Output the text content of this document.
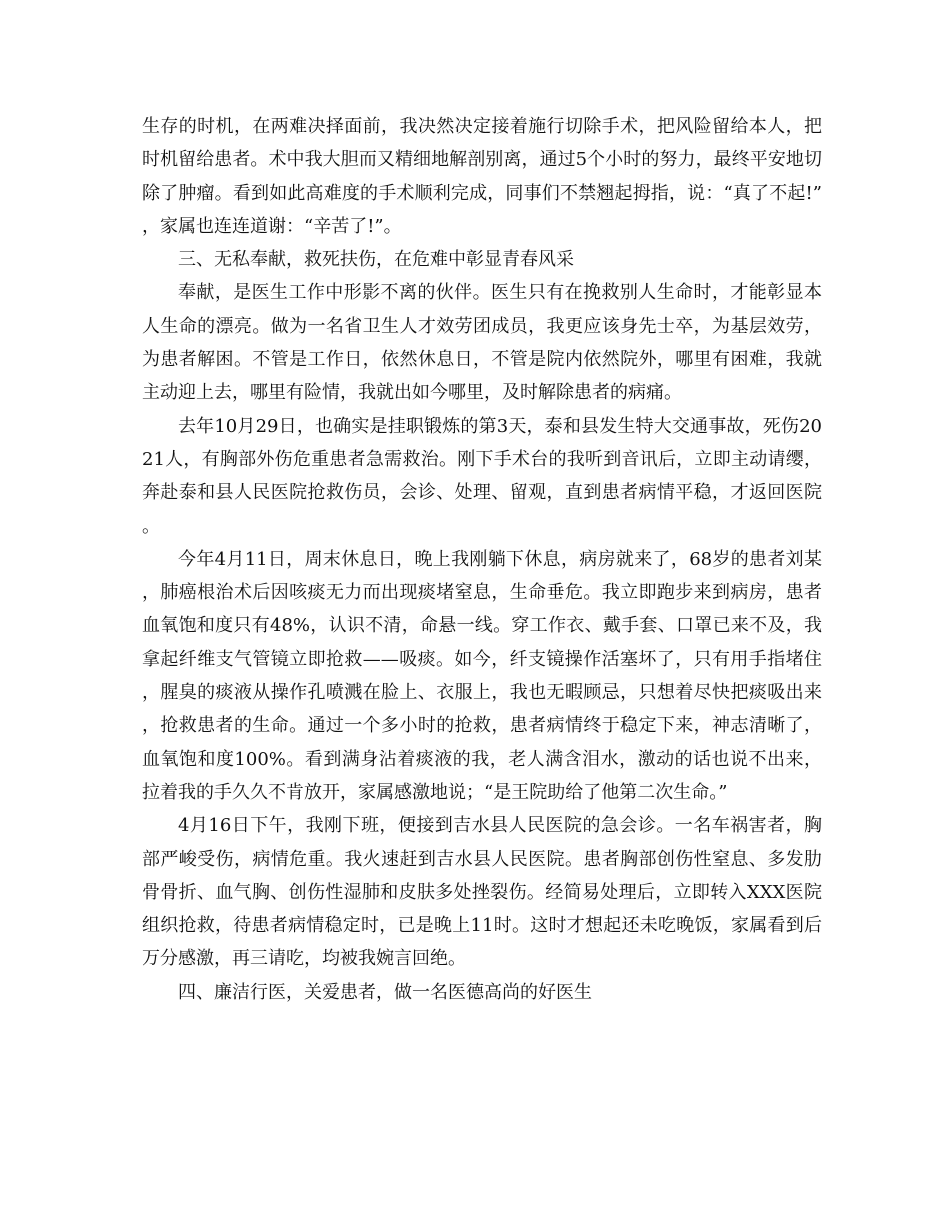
生存的时机，在两难决择面前，我决然决定接着施行切除手术，把风险留给本人，把时机留给患者。术中我大胆而又精细地解剖别离，通过5个小时的努力，最终平安地切除了肿瘤。看到如此高难度的手术顺利完成，同事们不禁翘起拇指，说：“真了不起!”，家属也连连道谢：“辛苦了!”。

三、无私奉献，救死扶伤，在危难中彰显青春风采

奉献，是医生工作中形影不离的伙伴。医生只有在挽救别人生命时，才能彰显本人生命的漂亮。做为一名省卫生人才效劳团成员，我更应该身先士卒，为基层效劳，为患者解困。不管是工作日，依然休息日，不管是院内依然院外，哪里有困难，我就主动迎上去，哪里有险情，我就出如今哪里，及时解除患者的病痛。

去年10月29日，也确实是挂职锻炼的第3天，泰和县发生特大交通事故，死伤2021人，有胸部外伤危重患者急需救治。刚下手术台的我听到音讯后，立即主动请缨，奔赴泰和县人民医院抢救伤员，会诊、处理、留观，直到患者病情平稳，才返回医院。

今年4月11日，周末休息日，晚上我刚躺下休息，病房就来了，68岁的患者刘某，肺癌根治术后因咳痰无力而出现痰堵窒息，生命垂危。我立即跑步来到病房，患者血氧饱和度只有48%，认识不清，命悬一线。穿工作衣、戴手套、口罩已来不及，我拿起纤维支气管镜立即抢救——吸痰。如今，纤支镜操作活塞坏了，只有用手指堵住，腥臭的痰液从操作孔喷溅在脸上、衣服上，我也无暇顾忌，只想着尽快把痰吸出来，抢救患者的生命。通过一个多小时的抢救，患者病情终于稳定下来，神志清晰了，血氧饱和度100%。看到满身沾着痰液的我，老人满含泪水，激动的话也说不出来，拉着我的手久久不肯放开，家属感激地说；“是王院助给了他第二次生命。”

4月16日下午，我刚下班，便接到吉水县人民医院的急会诊。一名车祸害者，胸部严峻受伤，病情危重。我火速赶到吉水县人民医院。患者胸部创伤性窒息、多发肋骨骨折、血气胸、创伤性湿肺和皮肤多处挫裂伤。经简易处理后，立即转入XXX医院组织抢救，待患者病情稳定时，已是晚上11时。这时才想起还未吃晚饭，家属看到后万分感激，再三请吃，均被我婉言回绝。

四、廉洁行医，关爱患者，做一名医德高尚的好医生
